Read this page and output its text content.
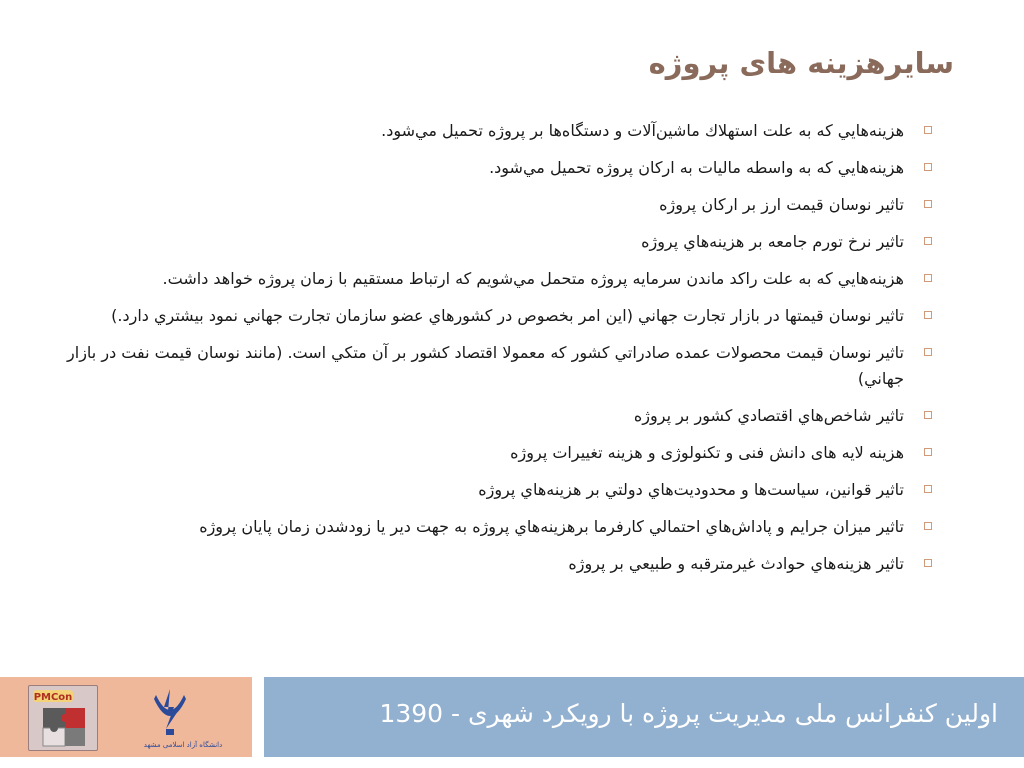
سایرهزینه های پروژه
هزينه‌هايي كه به علت استهلاك ماشين‌آلات و دستگاه‌ها بر پروژه تحميل مي‌شود.
هزينه‌هايي كه به واسطه ماليات به اركان پروژه تحميل مي‌شود.
تاثير نوسان قيمت ارز بر اركان پروژه
تاثير نرخ تورم جامعه بر هزينه‌هاي پروژه
هزينه‌هايي كه به علت راكد ماندن سرمايه پروژه متحمل مي‌شويم كه ارتباط مستقيم با زمان پروژه خواهد داشت.
تاثير نوسان قيمتها در بازار تجارت جهاني (اين امر بخصوص در كشورهاي عضو سازمان تجارت جهاني نمود بيشتري دارد.)
تاثير نوسان قيمت محصولات عمده صادراتي كشور كه معمولا اقتصاد كشور بر آن متكي است. (مانند نوسان قيمت نفت در بازار جهاني)
تاثير شاخص‌هاي اقتصادي كشور بر پروژه
هزینه لایه های دانش فنی و تکنولوژی و هزینه تغییرات پروژه
تاثير قوانين، سياست‌ها و محدوديت‌هاي دولتي بر هزينه‌هاي پروژه
تاثير ميزان جرايم و پاداش‌هاي احتمالي كارفرما برهزينه‌هاي پروژه به جهت دير يا زودشدن زمان پايان پروژه
تاثير هزينه‌هاي حوادث غيرمترقبه و طبيعي بر پروژه
PMCon
دانشگاه آزاد اسلامی مشهد
اولین کنفرانس ملی مدیریت پروژه با رویکرد شهری - 1390
